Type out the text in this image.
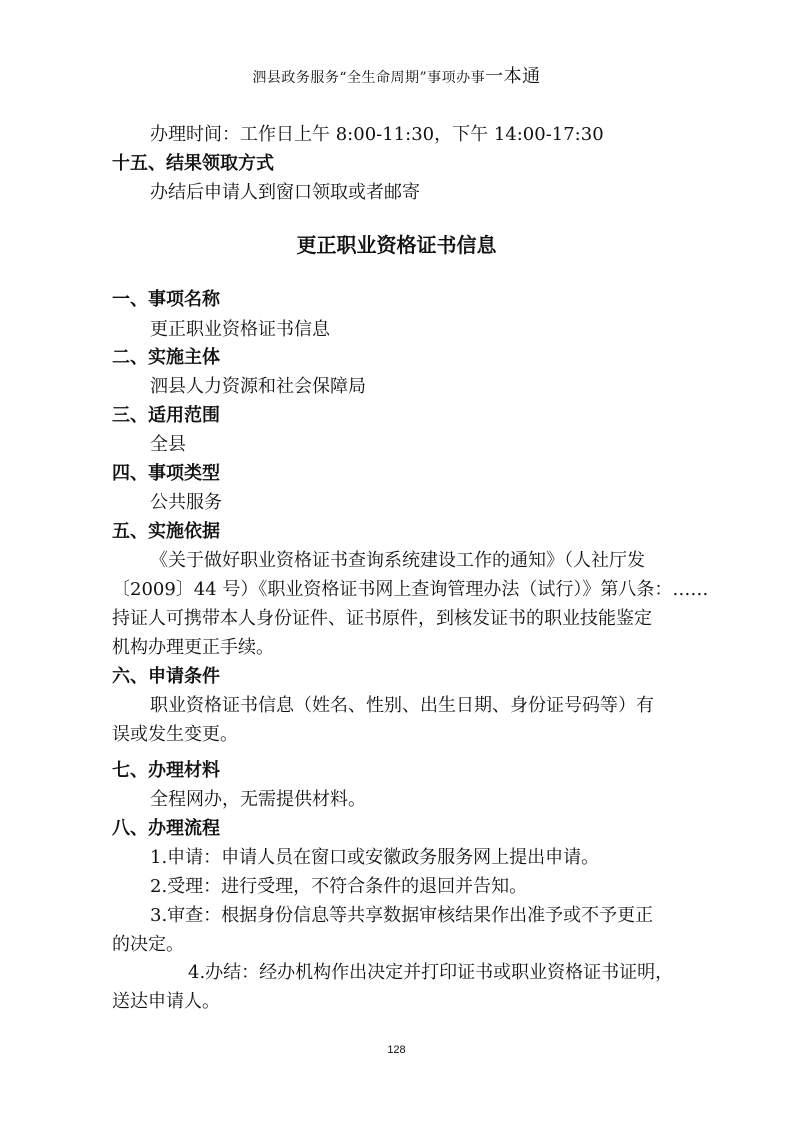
泗县政务服务“全生命周期”事项办事一本通
办理时间：工作日上午 8:00-11:30，下午 14:00-17:30
十五、结果领取方式
办结后申请人到窗口领取或者邮寄
更正职业资格证书信息
一、事项名称
更正职业资格证书信息
二、实施主体
泗县人力资源和社会保障局
三、适用范围
全县
四、事项类型
公共服务
五、实施依据
《关于做好职业资格证书查询系统建设工作的通知》（人社厅发
〔2009〕44 号）《职业资格证书网上查询管理办法（试行）》第八条：……
持证人可携带本人身份证件、证书原件，到核发证书的职业技能鉴定
机构办理更正手续。
六、申请条件
职业资格证书信息（姓名、性别、出生日期、身份证号码等）有
误或发生变更。
七、办理材料
全程网办，无需提供材料。
八、办理流程
1.申请：申请人员在窗口或安徽政务服务网上提出申请。
2.受理：进行受理，不符合条件的退回并告知。
3.审查：根据身份信息等共享数据审核结果作出准予或不予更正
的决定。
4.办结：经办机构作出决定并打印证书或职业资格证书证明，
送达申请人。
128
